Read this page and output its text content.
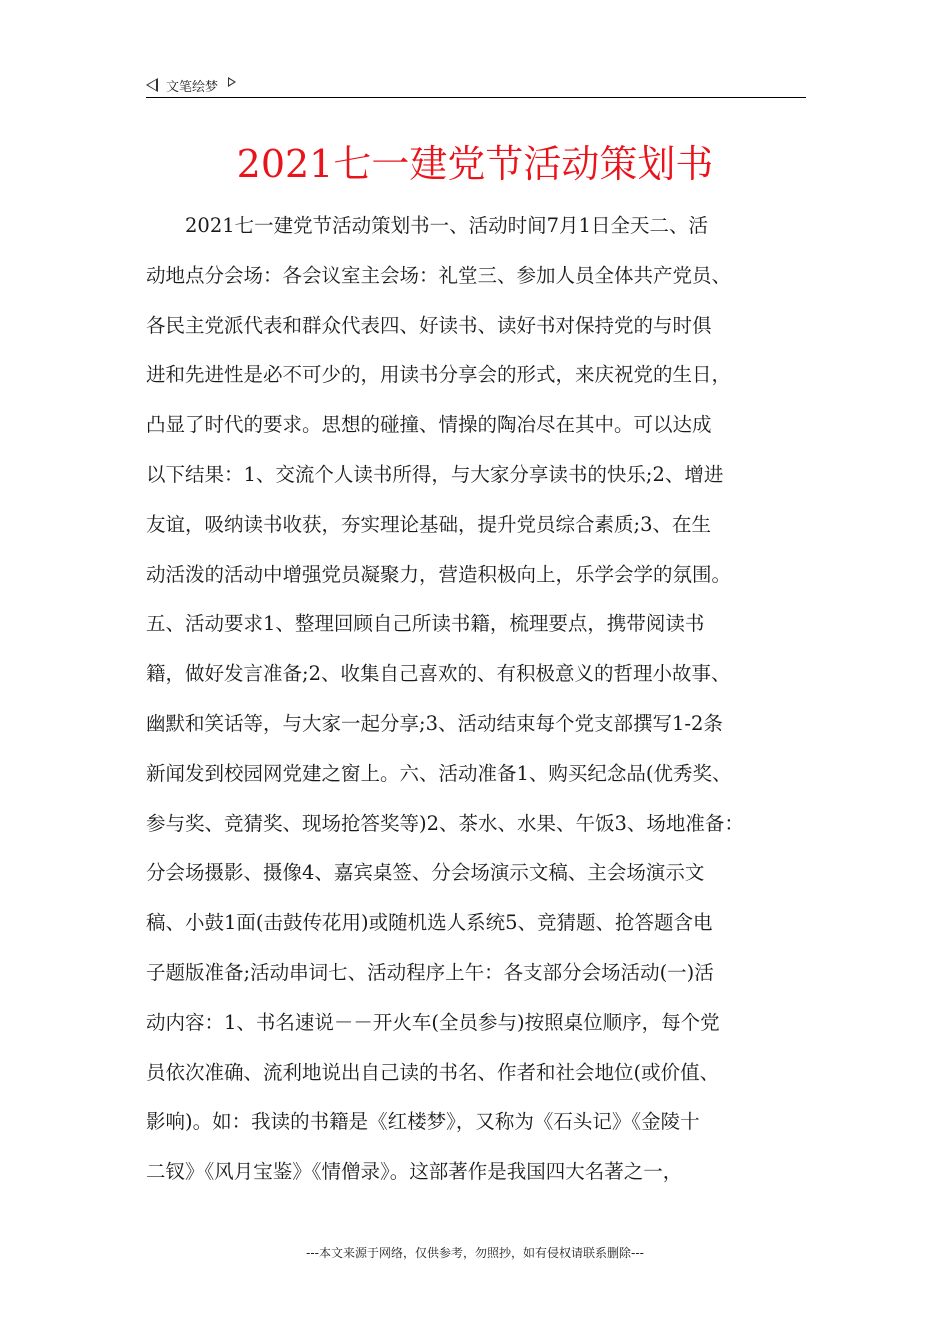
文笔绘梦
2021七一建党节活动策划书
　　2021七一建党节活动策划书一、活动时间7月1日全天二、活
动地点分会场：各会议室主会场：礼堂三、参加人员全体共产党员、
各民主党派代表和群众代表四、好读书、读好书对保持党的与时俱
进和先进性是必不可少的，用读书分享会的形式，来庆祝党的生日，
凸显了时代的要求。思想的碰撞、情操的陶冶尽在其中。可以达成
以下结果：1、交流个人读书所得，与大家分享读书的快乐;2、增进
友谊，吸纳读书收获，夯实理论基础，提升党员综合素质;3、在生
动活泼的活动中增强党员凝聚力，营造积极向上，乐学会学的氛围。
五、活动要求1、整理回顾自己所读书籍，梳理要点，携带阅读书
籍，做好发言准备;2、收集自己喜欢的、有积极意义的哲理小故事、
幽默和笑话等，与大家一起分享;3、活动结束每个党支部撰写1-2条
新闻发到校园网党建之窗上。六、活动准备1、购买纪念品(优秀奖、
参与奖、竞猜奖、现场抢答奖等)2、茶水、水果、午饭3、场地准备：
分会场摄影、摄像4、嘉宾桌签、分会场演示文稿、主会场演示文
稿、小鼓1面(击鼓传花用)或随机选人系统5、竞猜题、抢答题含电
子题版准备;活动串词七、活动程序上午：各支部分会场活动(一)活
动内容：1、书名速说－－开火车(全员参与)按照桌位顺序，每个党
员依次准确、流利地说出自己读的书名、作者和社会地位(或价值、
影响)。如：我读的书籍是《红楼梦》，又称为《石头记》《金陵十
二钗》《风月宝鉴》《情僧录》。这部著作是我国四大名著之一，
---本文来源于网络，仅供参考，勿照抄，如有侵权请联系删除---
